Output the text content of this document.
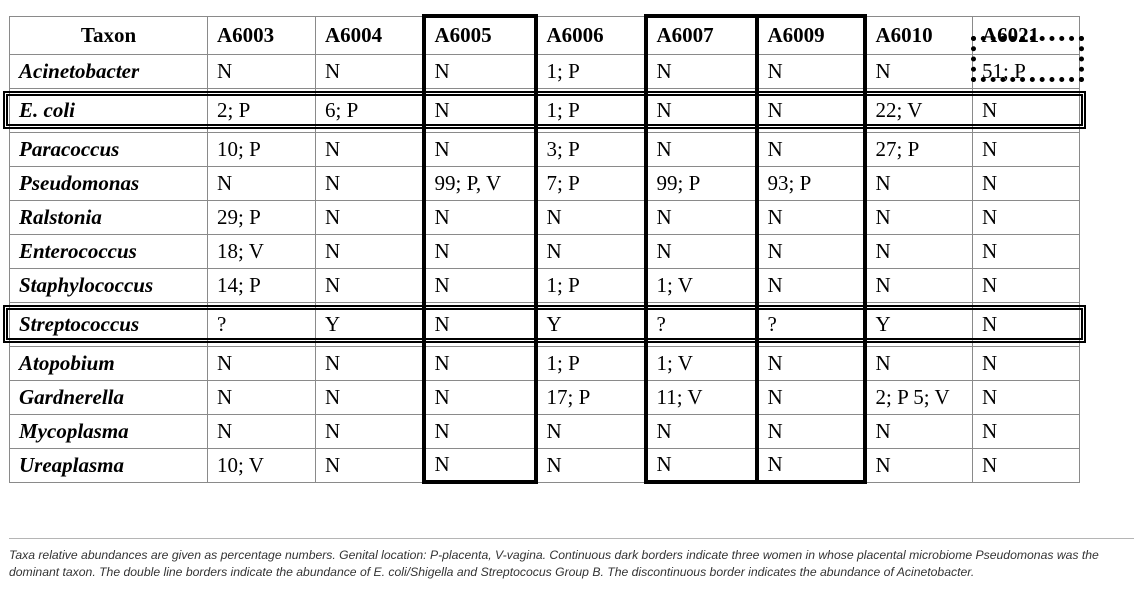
Taxon	A6003	A6004	A6005	A6006	A6007	A6009	A6010	A6021
Acinetobacter	N	N	N	1; P	N	N	N	51; P
E. coli	2; P	6; P	N	1; P	N	N	22; V	N
Paracoccus	10; P	N	N	3; P	N	N	27; P	N
Pseudomonas	N	N	99; P, V	7; P	99; P	93; P	N	N
Ralstonia	29; P	N	N	N	N	N	N	N
Enterococcus	18; V	N	N	N	N	N	N	N
Staphylococcus	14; P	N	N	1; P	1; V	N	N	N
Streptococcus	?	Y	N	Y	?	?	Y	N
Atopobium	N	N	N	1; P	1; V	N	N	N
Gardnerella	N	N	N	17; P	11; V	N	2; P 5; V	N
Mycoplasma	N	N	N	N	N	N	N	N
Ureaplasma	10; V	N	N	N	N	N	N	N
Taxa relative abundances are given as percentage numbers. Genital location: P-placenta, V-vagina. Continuous dark borders indicate three women in whose placental microbiome Pseudomonas was the dominant taxon. The double line borders indicate the abundance of E. coli/Shigella and Streptococus Group B. The discontinuous border indicates the abundance of Acinetobacter.
